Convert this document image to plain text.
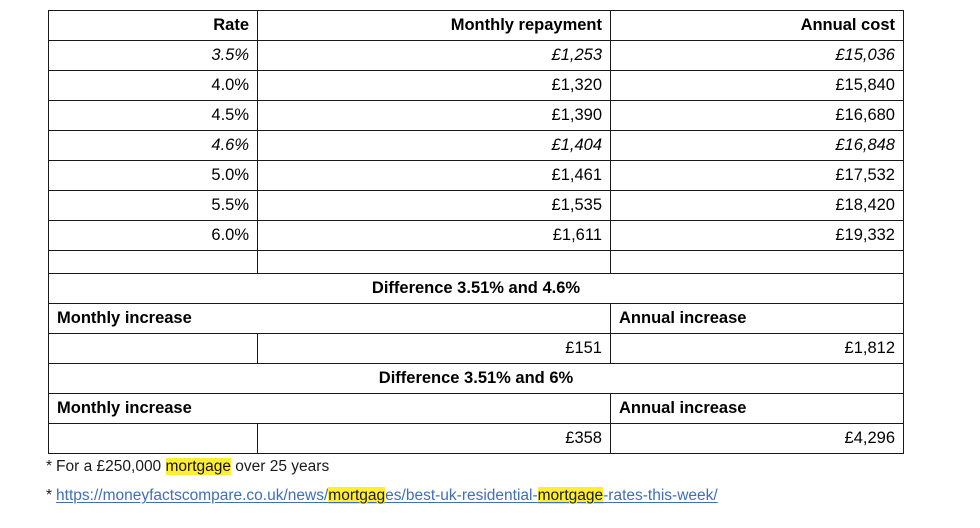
Rate	Monthly repayment	Annual cost
3.5%	£1,253	£15,036
4.0%	£1,320	£15,840
4.5%	£1,390	£16,680
4.6%	£1,404	£16,848
5.0%	£1,461	£17,532
5.5%	£1,535	£18,420
6.0%	£1,611	£19,332

Difference 3.51% and 4.6%		
Monthly increase		Annual increase
	£151	£1,812
Difference 3.51% and 6%		
Monthly increase		Annual increase
	£358	£4,296
* For a £250,000 mortgage over 25 years
* https://moneyfactscompare.co.uk/news/mortgages/best-uk-residential-mortgage-rates-this-week/
